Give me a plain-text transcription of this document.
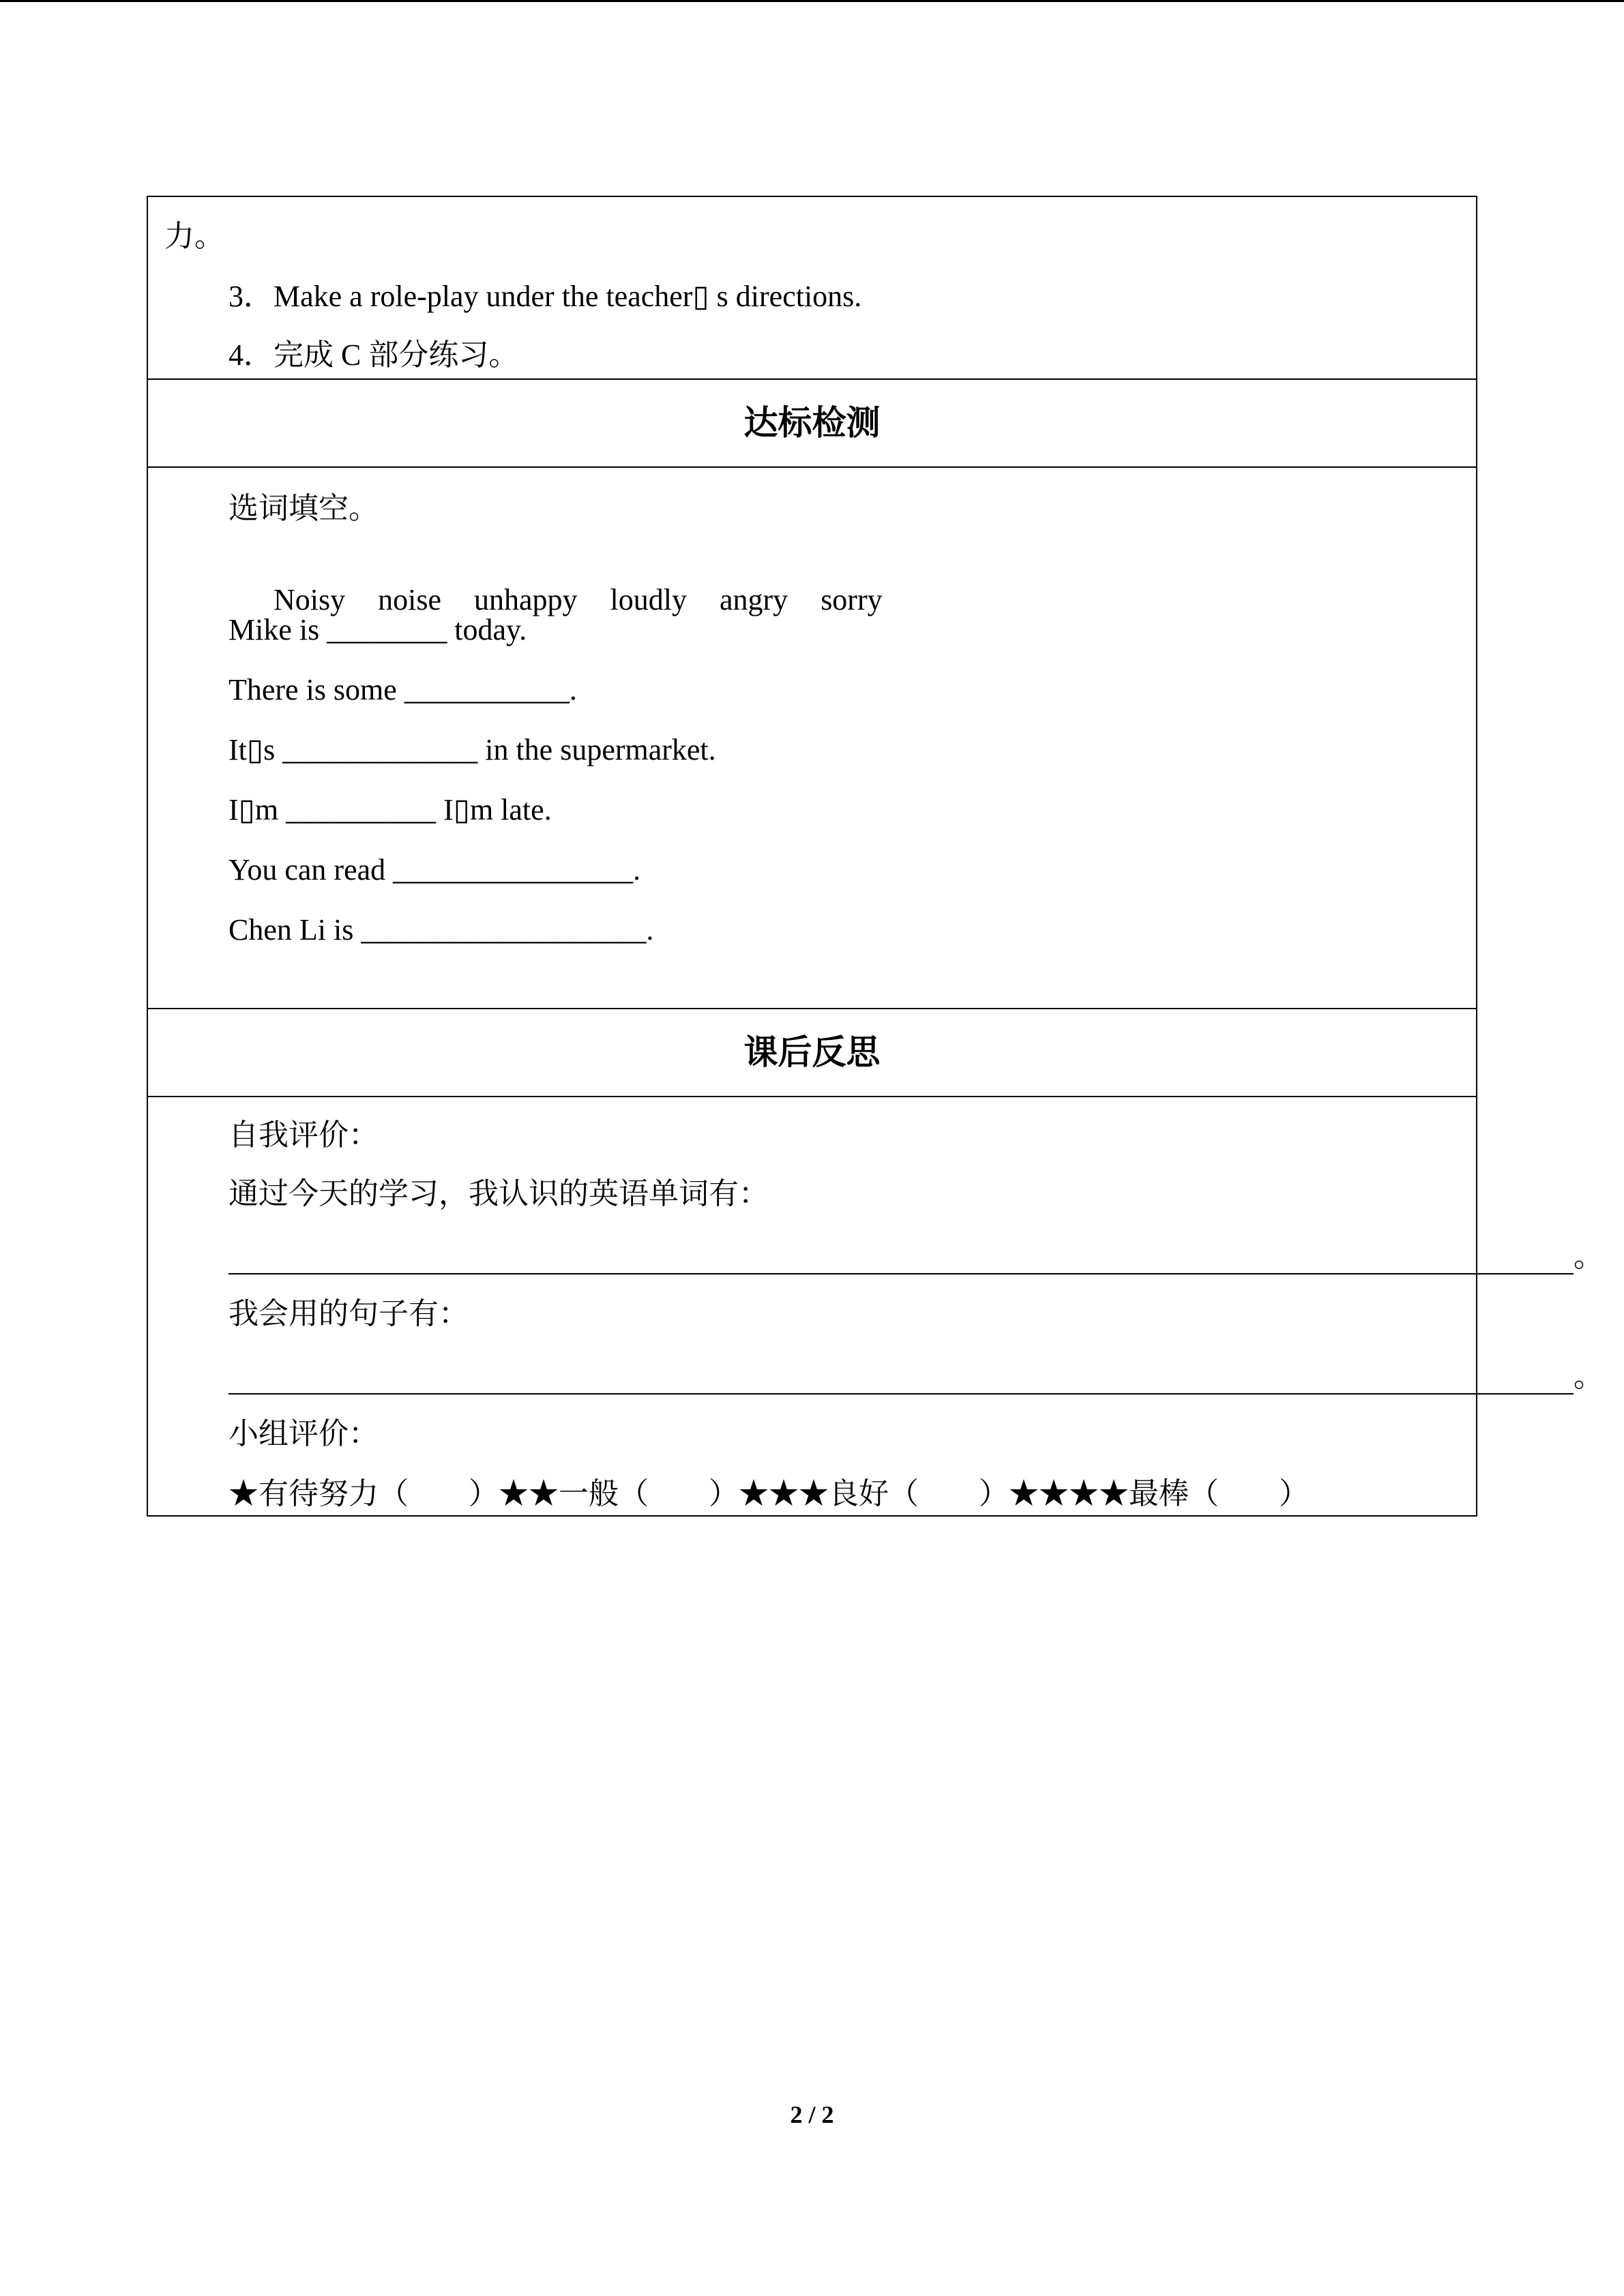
力。
3．Make a role-play under the teacher▯ s directions.
4．完成 C 部分练习。
达标检测
选词填空。

Noisy noise unhappy loudly angry sorry

Mike is ________ today.
There is some ___________.
It▯s _____________ in the supermarket.
I▯m __________ I▯m late.
You can read ________________.
Chen Li is ___________________.
课后反思
自我评价：
通过今天的学习，我认识的英语单词有：
。
我会用的句子有：
。
小组评价：
★有待努力（　　）★★一般（　　）★★★良好（　　）★★★★最棒（　　）
2 / 2
